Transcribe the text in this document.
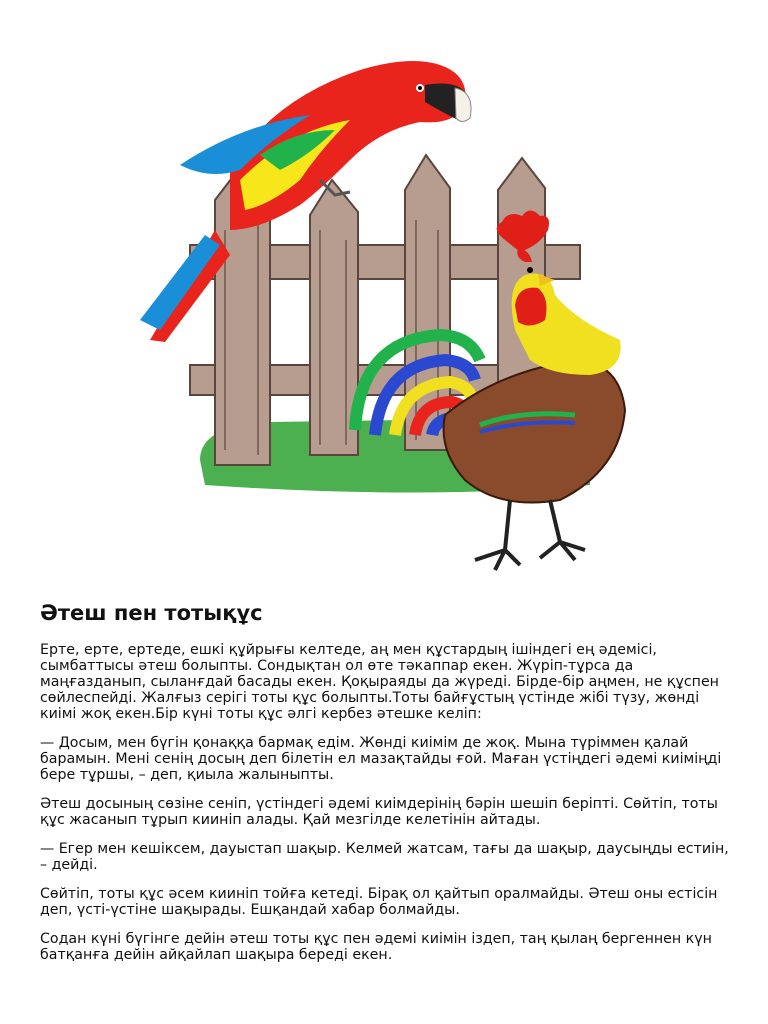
Әтеш пен тотықұс

Ерте, ерте, ертеде, ешкі құйрығы келтеде, аң мен құстардың ішіндегі ең әдемісі, сымбаттысы әтеш болыпты. Сондықтан ол өте тәкаппар екен. Жүріп-тұрса да маңғазданып, сыланғдай басады екен. Қоқыраяды да жүреді. Бірде-бір аңмен, не құспен сөйлеспейді. Жалғыз серігі тоты құс болыпты.Тоты байғұстың үстінде жібі түзу, жөнді киімі жоқ екен.Бір күні тоты құс әлгі кербез әтешке келіп:

— Досым, мен бүгін қонаққа бармақ едім. Жөнді киімім де жоқ. Мына түріммен қалай барамын. Мені сенің досың деп білетін ел мазақтайды ғой. Маған үстіңдегі әдемі киіміңді бере тұршы, – деп, қиыла жалыныпты.

Әтеш досының сөзіне сеніп, үстіндегі әдемі киімдерінің бәрін шешіп беріпті. Сөйтіп, тоты құс жасанып тұрып кииніп алады. Қай мезгілде келетінін айтады.

— Егер мен кешіксем, дауыстап шақыр. Келмей жатсам, тағы да шақыр, даусыңды естиін, – дейді.

Сөйтіп, тоты құс әсем кииніп тойға кетеді. Бірақ ол қайтып оралмайды. Әтеш оны естісін деп, үсті-үстіне шақырады. Ешқандай хабар болмайды.

Содан күні бүгінге дейін әтеш тоты құс пен әдемі киімін іздеп, таң қылаң бергеннен күн батқанға дейін айқайлап шақыра береді екен.
